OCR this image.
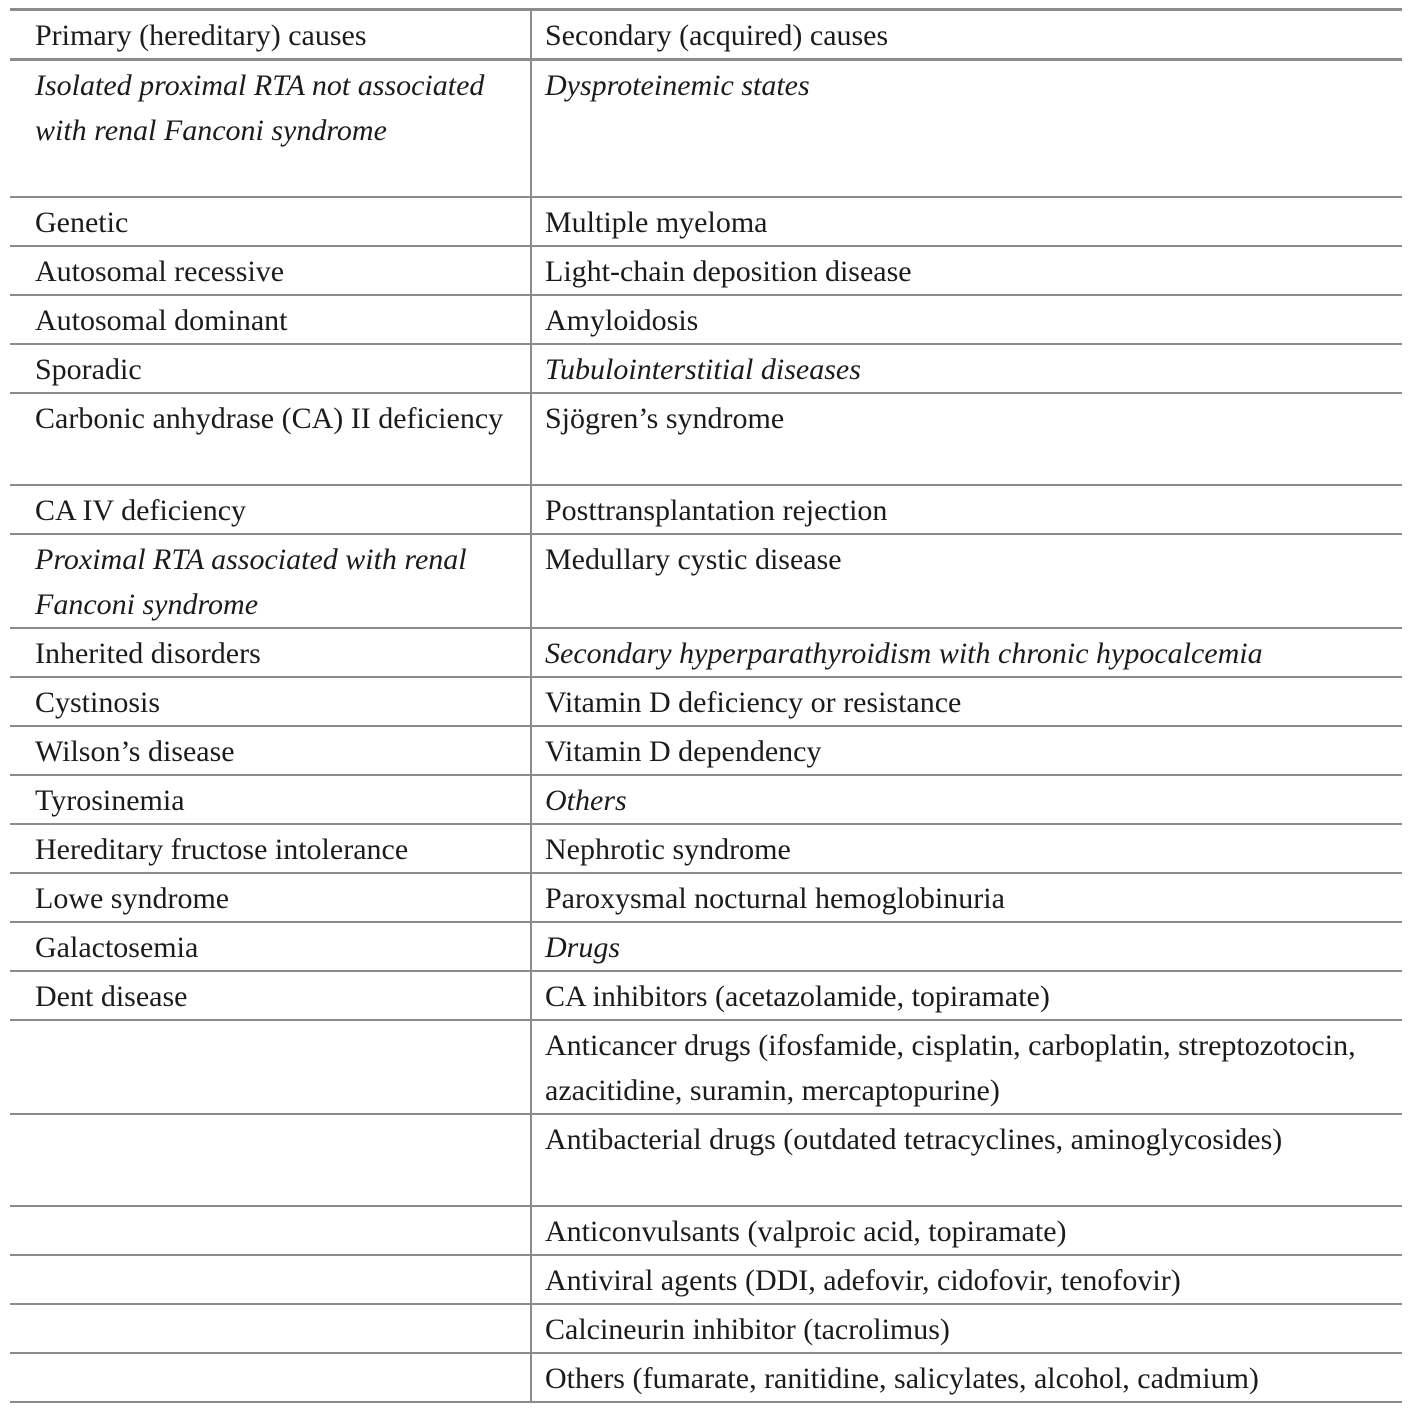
Primary (hereditary) causes	Secondary (acquired) causes
Isolated proximal RTA not associated with renal Fanconi syndrome	Dysproteinemic states
Genetic	Multiple myeloma
Autosomal recessive	Light-chain deposition disease
Autosomal dominant	Amyloidosis
Sporadic	Tubulointerstitial diseases
Carbonic anhydrase (CA) II deficiency	Sjögren’s syndrome
CA IV deficiency	Posttransplantation rejection
Proximal RTA associated with renal Fanconi syndrome	Medullary cystic disease
Inherited disorders	Secondary hyperparathyroidism with chronic hypocalcemia
Cystinosis	Vitamin D deficiency or resistance
Wilson’s disease	Vitamin D dependency
Tyrosinemia	Others
Hereditary fructose intolerance	Nephrotic syndrome
Lowe syndrome	Paroxysmal nocturnal hemoglobinuria
Galactosemia	Drugs
Dent disease	CA inhibitors (acetazolamide, topiramate)
	Anticancer drugs (ifosfamide, cisplatin, carboplatin, streptozotocin, azacitidine, suramin, mercaptopurine)
	Antibacterial drugs (outdated tetracyclines, aminoglycosides)
	Anticonvulsants (valproic acid, topiramate)
	Antiviral agents (DDI, adefovir, cidofovir, tenofovir)
	Calcineurin inhibitor (tacrolimus)
	Others (fumarate, ranitidine, salicylates, alcohol, cadmium)
